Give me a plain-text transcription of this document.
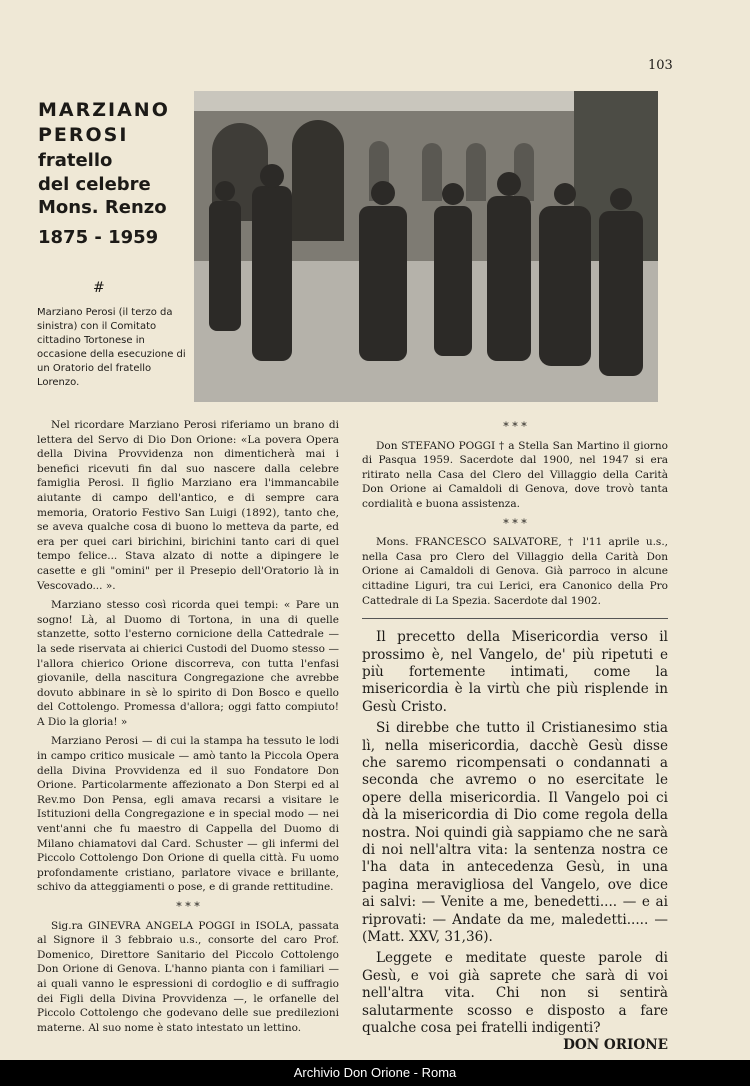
103
MARZIANO
PEROSI
fratello
del celebre
Mons. Renzo
1875 - 1959
#
Marziano Perosi (il terzo da sinistra) con il Comitato cittadino Tortonese in occasione della esecuzione di un Oratorio del fratello Lorenzo.

Nel ricordare Marziano Perosi riferiamo un brano di lettera del Servo di Dio Don Orione: «La povera Opera della Divina Provvidenza non dimenticherà mai i benefici ricevuti fin dal suo nascere dalla celebre famiglia Perosi. Il figlio Marziano era l'immancabile aiutante di campo dell'antico, e di sempre cara memoria, Oratorio Festivo San Luigi (1892), tanto che, se aveva qualche cosa di buono lo metteva da parte, ed era per quei cari birichini, birichini tanto cari di quel tempo felice... Stava alzato di notte a dipingere le casette e gli "omini" per il Presepio dell'Oratorio là in Vescovado... ».

Marziano stesso così ricorda quei tempi: « Pare un sogno! Là, al Duomo di Tortona, in una di quelle stanzette, sotto l'esterno cornicione della Cattedrale — la sede riservata ai chierici Custodi del Duomo stesso — l'allora chierico Orione discorreva, con tutta l'enfasi giovanile, della nascitura Congregazione che avrebbe dovuto abbinare in sè lo spirito di Don Bosco e quello del Cottolengo. Promessa d'allora; oggi fatto compiuto! A Dio la gloria! »

Marziano Perosi — di cui la stampa ha tessuto le lodi in campo critico musicale — amò tanto la Piccola Opera della Divina Provvidenza ed il suo Fondatore Don Orione. Particolarmente affezionato a Don Sterpi ed al Rev.mo Don Pensa, egli amava recarsi a visitare le Istituzioni della Congregazione e in special modo — nei vent'anni che fu maestro di Cappella del Duomo di Milano chiamatovi dal Card. Schuster — gli infermi del Piccolo Cottolengo Don Orione di quella città. Fu uomo profondamente cristiano, parlatore vivace e brillante, schivo da atteggiamenti o pose, e di grande rettitudine.

* * *

Sig.ra GINEVRA ANGELA POGGI in ISOLA, passata al Signore il 3 febbraio u.s., consorte del caro Prof. Domenico, Direttore Sanitario del Piccolo Cottolengo Don Orione di Genova. L'hanno pianta con i familiari — ai quali vanno le espressioni di cordoglio e di suffragio dei Figli della Divina Provvidenza —, le orfanelle del Piccolo Cottolengo che godevano delle sue predilezioni materne. Al suo nome è stato intestato un lettino.

* * *

Don STEFANO POGGI † a Stella San Martino il giorno di Pasqua 1959. Sacerdote dal 1900, nel 1947 si era ritirato nella Casa del Clero del Villaggio della Carità Don Orione ai Camaldoli di Genova, dove trovò tanta cordialità e buona assistenza.

* * *

Mons. FRANCESCO SALVATORE, † l'11 aprile u.s., nella Casa pro Clero del Villaggio della Carità Don Orione ai Camaldoli di Genova. Già parroco in alcune cittadine Liguri, tra cui Lerici, era Canonico della Pro Cattedrale di La Spezia. Sacerdote dal 1902.

Il precetto della Misericordia verso il prossimo è, nel Vangelo, de' più ripetuti e più fortemente intimati, come la misericordia è la virtù che più risplende in Gesù Cristo.

Si direbbe che tutto il Cristianesimo stia lì, nella misericordia, dacchè Gesù disse che saremo ricompensati o condannati a seconda che avremo o no esercitate le opere della misericordia. Il Vangelo poi ci dà la misericordia di Dio come regola della nostra. Noi quindi già sappiamo che ne sarà di noi nell'altra vita: la sentenza nostra ce l'ha data in antecedenza Gesù, in una pagina meravigliosa del Vangelo, ove dice ai salvi: — Venite a me, benedetti.... — e ai riprovati: — Andate da me, maledetti..... — (Matt. XXV, 31,36).

Leggete e meditate queste parole di Gesù, e voi già saprete che sarà di voi nell'altra vita. Chi non si sentirà salutarmente scosso e disposto a fare qualche cosa pei fratelli indigenti?
DON ORIONE

Archivio Don Orione - Roma
